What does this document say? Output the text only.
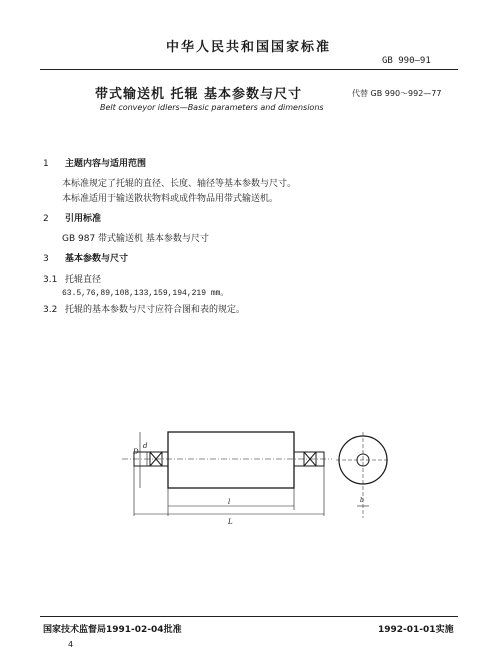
中华人民共和国国家标准
GB 990—91
带式输送机 托辊 基本参数与尺寸	代替 GB 990～992—77
Belt conveyor idlers—Basic parameters and dimensions
1 主题内容与适用范围
本标准规定了托辊的直径、长度、轴径等基本参数与尺寸。
本标准适用于输送散状物料或成件物品用带式输送机。
2 引用标准
GB 987 带式输送机 基本参数与尺寸
3 基本参数与尺寸
3.1 托辊直径
63.5,76,89,108,133,159,194,219 mm。
3.2 托辊的基本参数与尺寸应符合图和表的规定。
D
d
l
L
b
国家技术监督局1991-02-04批准	1992-01-01实施
4
